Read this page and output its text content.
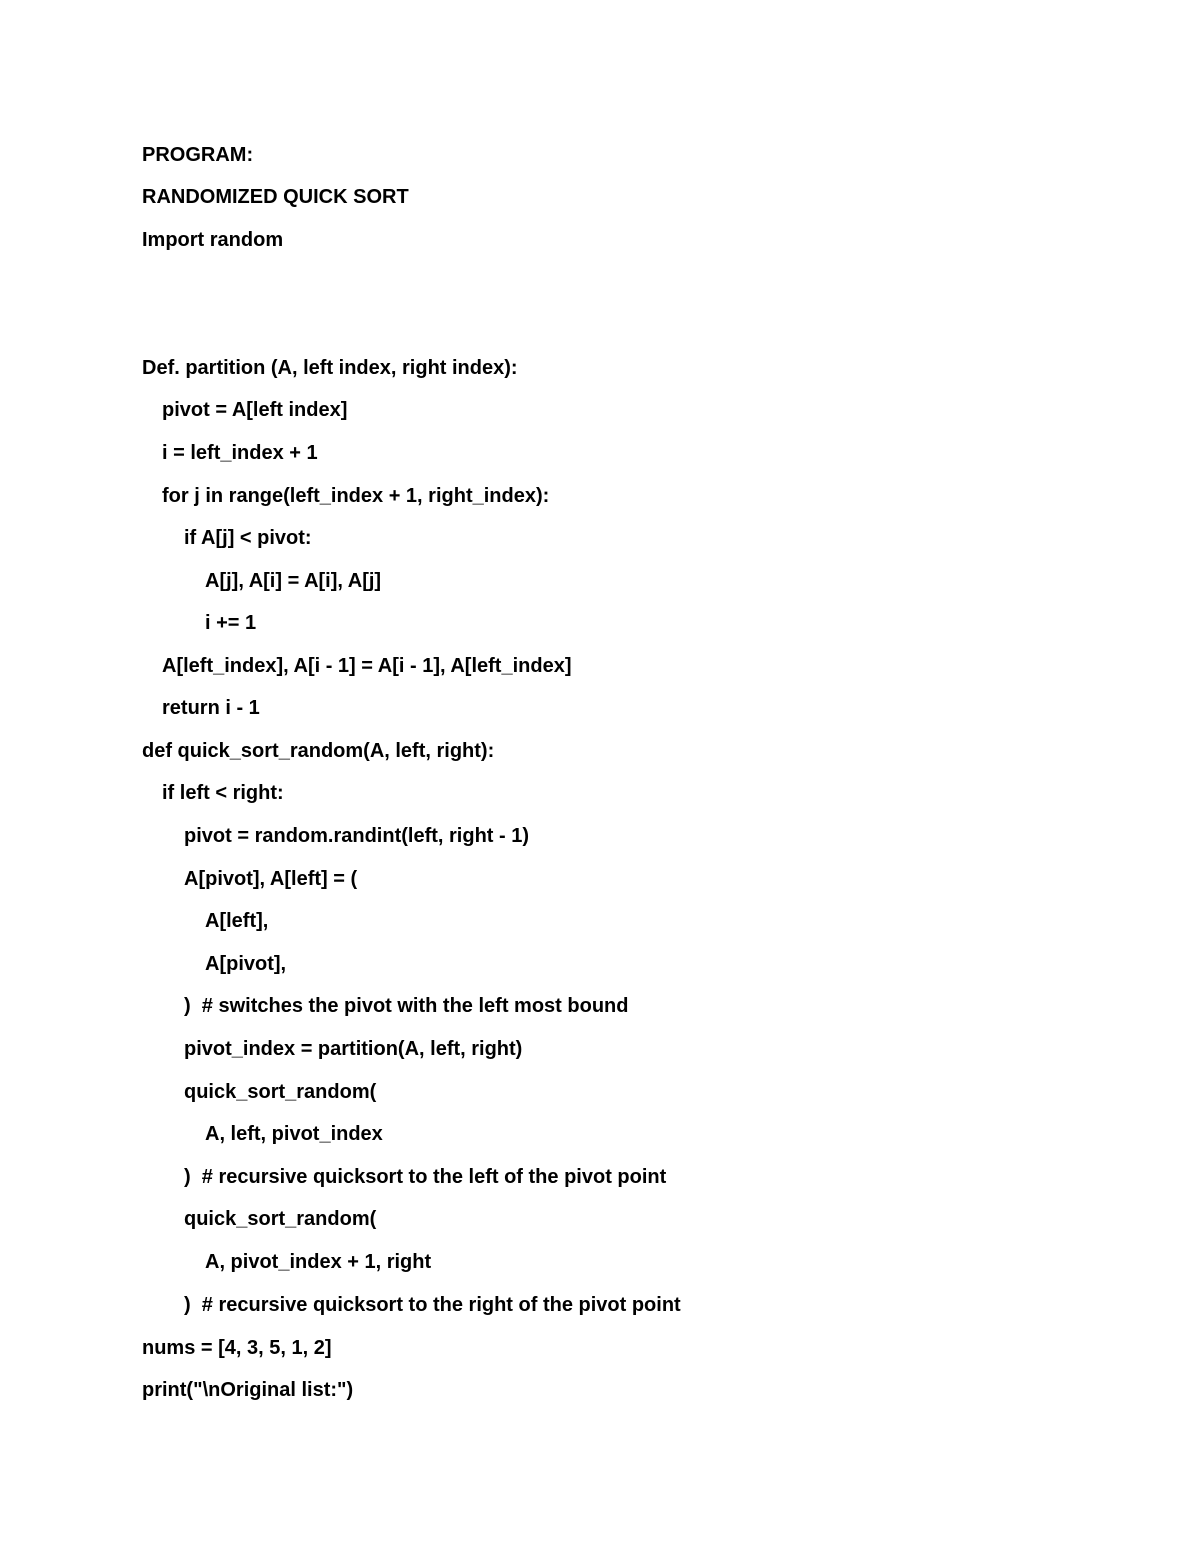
PROGRAM:
RANDOMIZED QUICK SORT
Import random
Def. partition (A, left index, right index):
pivot = A[left index]
i = left_index + 1
for j in range(left_index + 1, right_index):
if A[j] < pivot:
A[j], A[i] = A[i], A[j]
i += 1
A[left_index], A[i - 1] = A[i - 1], A[left_index]
return i - 1
def quick_sort_random(A, left, right):
if left < right:
pivot = random.randint(left, right - 1)
A[pivot], A[left] = (
A[left],
A[pivot],
)  # switches the pivot with the left most bound
pivot_index = partition(A, left, right)
quick_sort_random(
A, left, pivot_index
)  # recursive quicksort to the left of the pivot point
quick_sort_random(
A, pivot_index + 1, right
)  # recursive quicksort to the right of the pivot point
nums = [4, 3, 5, 1, 2]
print("\nOriginal list:")
